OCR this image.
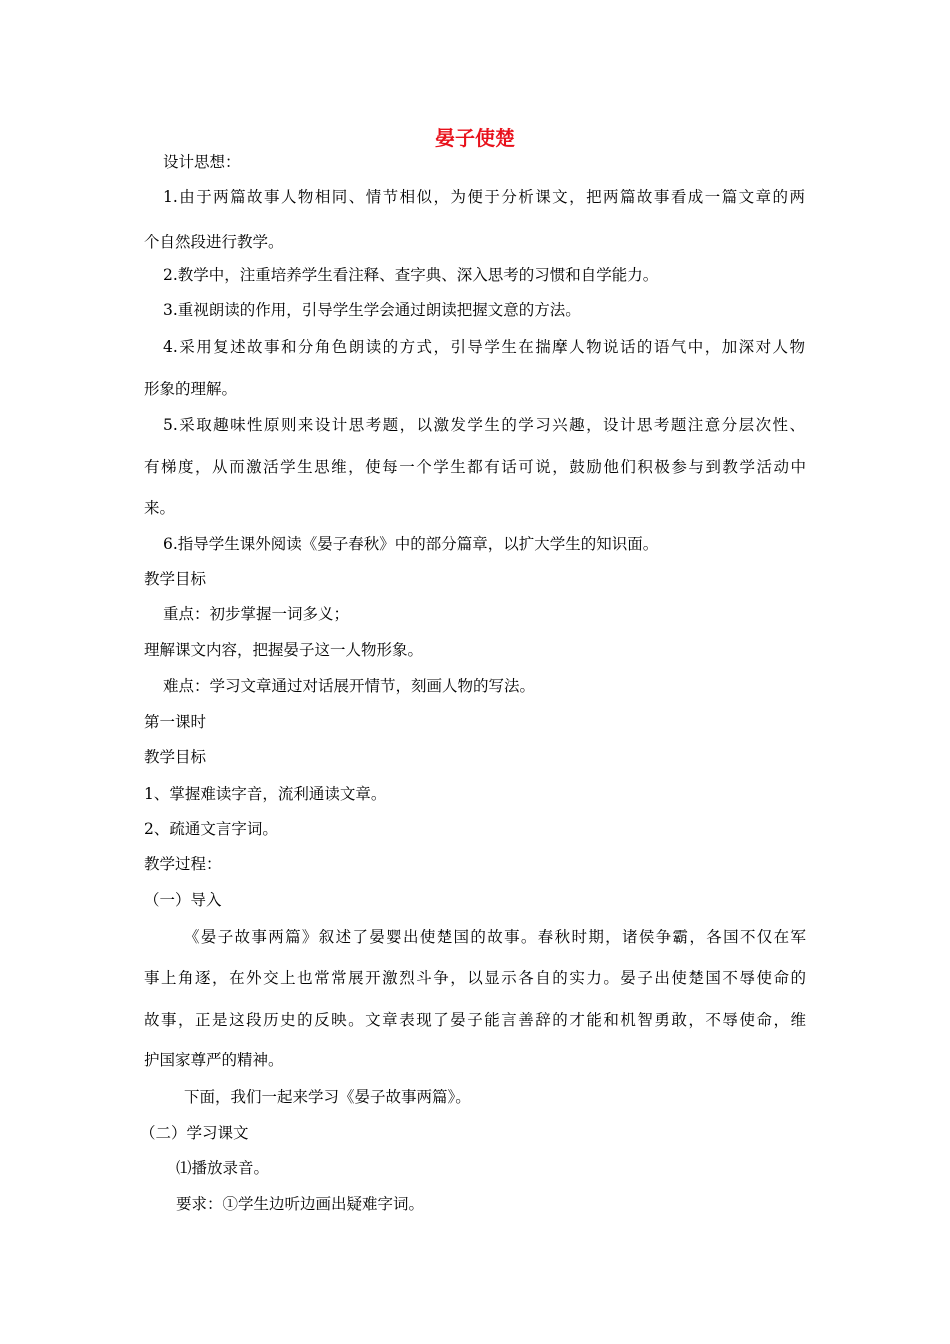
晏子使楚
设计思想：
1.由于两篇故事人物相同、情节相似，为便于分析课文，把两篇故事看成一篇文章的两
个自然段进行教学。
2.教学中，注重培养学生看注释、查字典、深入思考的习惯和自学能力。
3.重视朗读的作用，引导学生学会通过朗读把握文意的方法。
4.采用复述故事和分角色朗读的方式，引导学生在揣摩人物说话的语气中，加深对人物
形象的理解。
5.采取趣味性原则来设计思考题，以激发学生的学习兴趣，设计思考题注意分层次性、
有梯度，从而激活学生思维，使每一个学生都有话可说，鼓励他们积极参与到教学活动中
来。
6.指导学生课外阅读《晏子春秋》中的部分篇章，以扩大学生的知识面。
教学目标
重点：初步掌握一词多义；
理解课文内容，把握晏子这一人物形象。
难点：学习文章通过对话展开情节，刻画人物的写法。
第一课时
教学目标
1、掌握难读字音，流利通读文章。
2、疏通文言字词。
教学过程：
（一）导入
《晏子故事两篇》叙述了晏婴出使楚国的故事。春秋时期，诸侯争霸，各国不仅在军
事上角逐，在外交上也常常展开激烈斗争，以显示各自的实力。晏子出使楚国不辱使命的
故事，正是这段历史的反映。文章表现了晏子能言善辞的才能和机智勇敢，不辱使命，维
护国家尊严的精神。
下面，我们一起来学习《晏子故事两篇》。
（二）学习课文
⑴播放录音。
要求：①学生边听边画出疑难字词。
